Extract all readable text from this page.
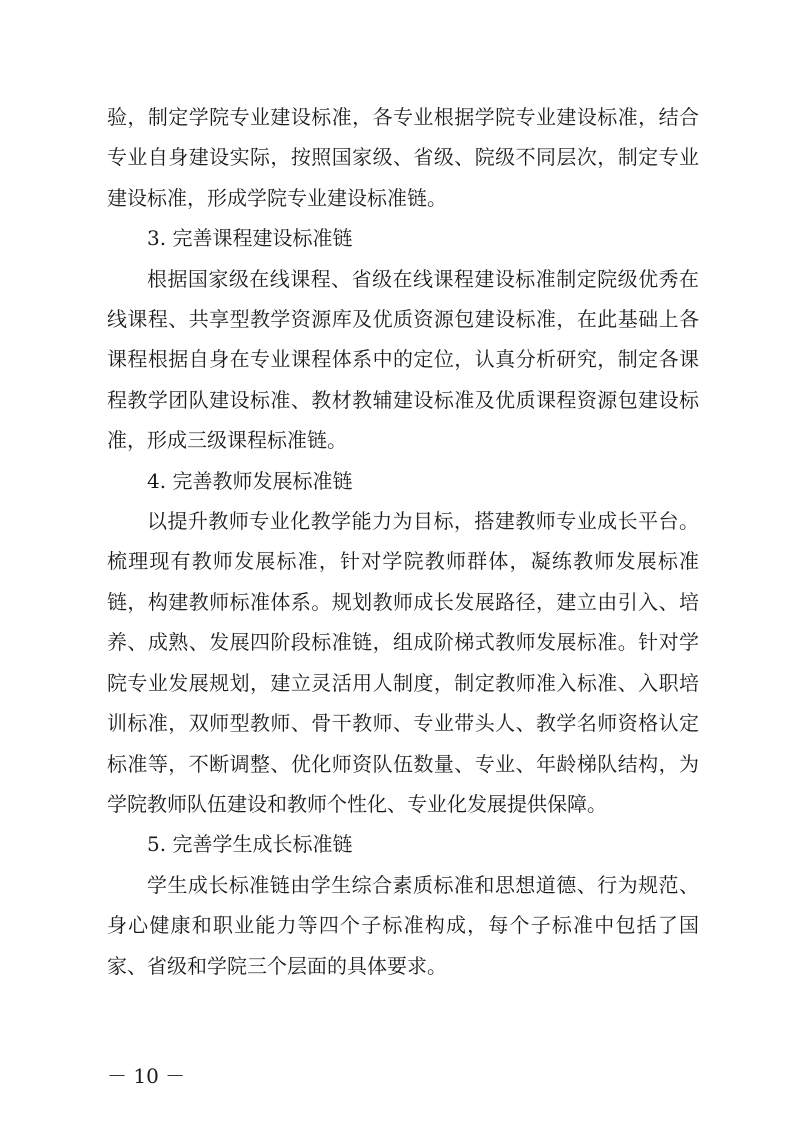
验，制定学院专业建设标准，各专业根据学院专业建设标准，结合专业自身建设实际，按照国家级、省级、院级不同层次，制定专业建设标准，形成学院专业建设标准链。

3. 完善课程建设标准链

根据国家级在线课程、省级在线课程建设标准制定院级优秀在线课程、共享型教学资源库及优质资源包建设标准，在此基础上各课程根据自身在专业课程体系中的定位，认真分析研究，制定各课程教学团队建设标准、教材教辅建设标准及优质课程资源包建设标准，形成三级课程标准链。

4. 完善教师发展标准链

以提升教师专业化教学能力为目标，搭建教师专业成长平台。梳理现有教师发展标准，针对学院教师群体，凝练教师发展标准链，构建教师标准体系。规划教师成长发展路径，建立由引入、培养、成熟、发展四阶段标准链，组成阶梯式教师发展标准。针对学院专业发展规划，建立灵活用人制度，制定教师准入标准、入职培训标准，双师型教师、骨干教师、专业带头人、教学名师资格认定标准等，不断调整、优化师资队伍数量、专业、年龄梯队结构，为学院教师队伍建设和教师个性化、专业化发展提供保障。

5. 完善学生成长标准链

学生成长标准链由学生综合素质标准和思想道德、行为规范、身心健康和职业能力等四个子标准构成，每个子标准中包括了国家、省级和学院三个层面的具体要求。

－ 10 －
